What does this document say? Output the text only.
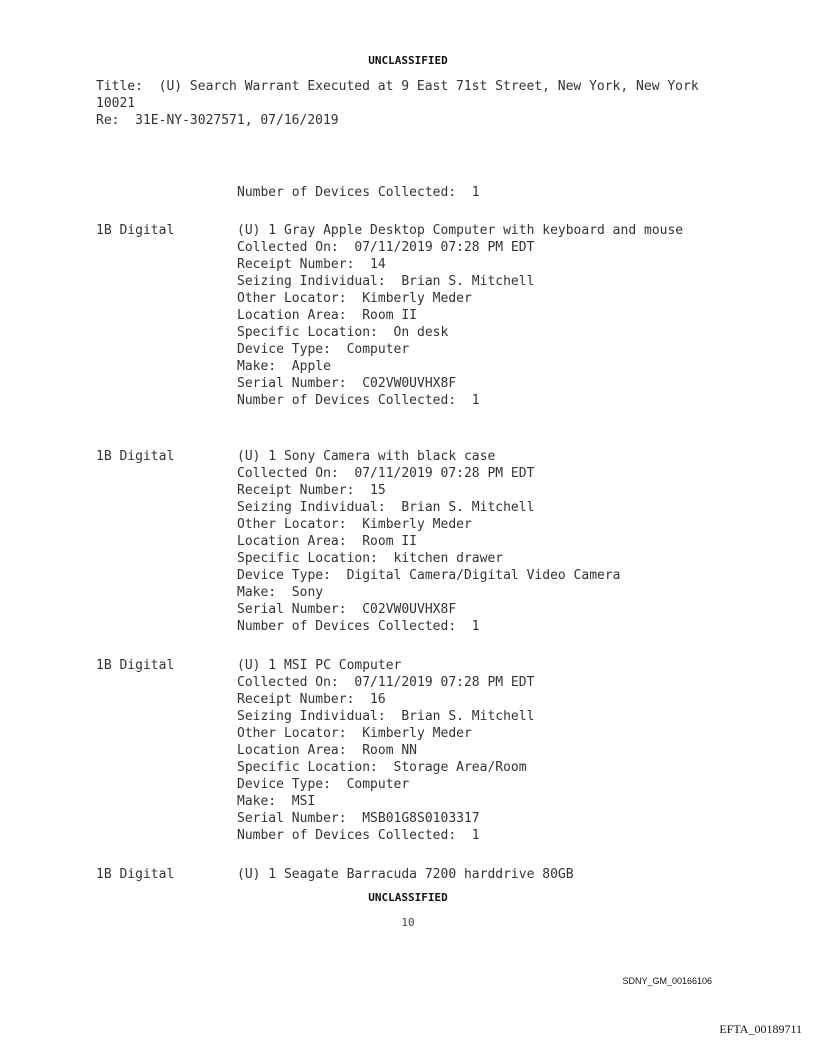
UNCLASSIFIED
Title:  (U) Search Warrant Executed at 9 East 71st Street, New York, New York 10021
Re:  31E-NY-3027571, 07/16/2019
Number of Devices Collected:  1
1B Digital	(U) 1 Gray Apple Desktop Computer with keyboard and mouse
Collected On:  07/11/2019 07:28 PM EDT
Receipt Number:  14
Seizing Individual:  Brian S. Mitchell
Other Locator:  Kimberly Meder
Location Area:  Room II
Specific Location:  On desk
Device Type:  Computer
Make:  Apple
Serial Number:  C02VW0UVHX8F
Number of Devices Collected:  1
1B Digital	(U) 1 Sony Camera with black case
Collected On:  07/11/2019 07:28 PM EDT
Receipt Number:  15
Seizing Individual:  Brian S. Mitchell
Other Locator:  Kimberly Meder
Location Area:  Room II
Specific Location:  kitchen drawer
Device Type:  Digital Camera/Digital Video Camera
Make:  Sony
Serial Number:  C02VW0UVHX8F
Number of Devices Collected:  1
1B Digital	(U) 1 MSI PC Computer
Collected On:  07/11/2019 07:28 PM EDT
Receipt Number:  16
Seizing Individual:  Brian S. Mitchell
Other Locator:  Kimberly Meder
Location Area:  Room NN
Specific Location:  Storage Area/Room
Device Type:  Computer
Make:  MSI
Serial Number:  MSB01G8S0103317
Number of Devices Collected:  1
1B Digital	(U) 1 Seagate Barracuda 7200 harddrive 80GB
UNCLASSIFIED
10
SDNY_GM_00166106
EFTA_00189711
